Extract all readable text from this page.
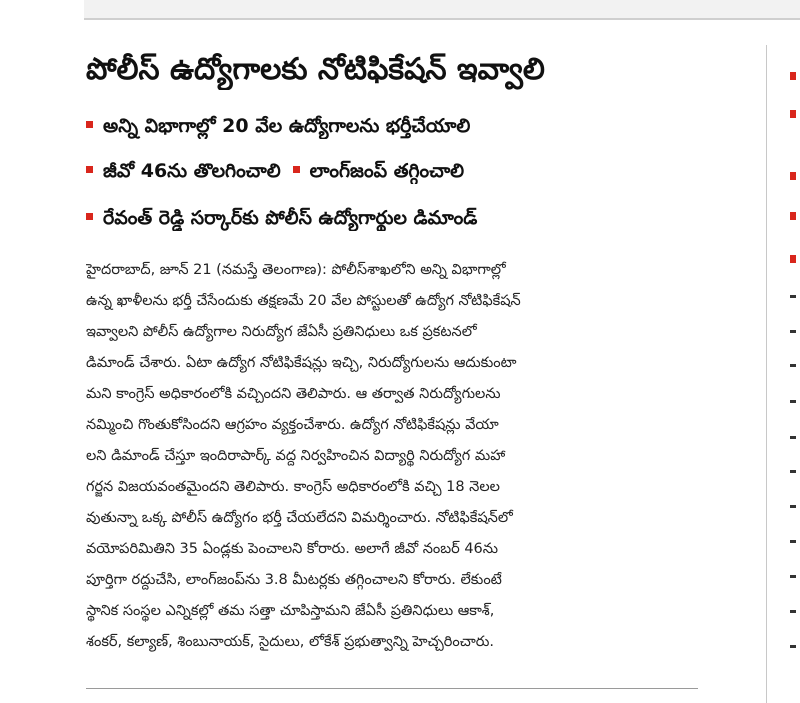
పోలీస్ ఉద్యోగాలకు నోటిఫికేషన్ ఇవ్వాలి
అన్ని విభాగాల్లో 20 వేల ఉద్యోగాలను భర్తీచేయాలి
జీవో 46ను తొలగించాలి లాంగ్‌జంప్ తగ్గించాలి
రేవంత్ రెడ్డి సర్కార్‌కు పోలీస్ ఉద్యోగార్థుల డిమాండ్
హైదరాబాద్, జూన్ 21 (నమస్తే తెలంగాణ): పోలీస్‌శాఖలోని అన్ని విభాగాల్లో
ఉన్న ఖాళీలను భర్తీ చేసేందుకు తక్షణమే 20 వేల పోస్టులతో ఉద్యోగ నోటిఫికేషన్
ఇవ్వాలని పోలీస్ ఉద్యోగాల నిరుద్యోగ జేఏసీ ప్రతినిధులు ఒక ప్రకటనలో
డిమాండ్ చేశారు. ఏటా ఉద్యోగ నోటిఫికేషన్లు ఇచ్చి, నిరుద్యోగులను ఆదుకుంటా
మని కాంగ్రెస్ అధికారంలోకి వచ్చిందని తెలిపారు. ఆ తర్వాత నిరుద్యోగులను
నమ్మించి గొంతుకోసిందని ఆగ్రహం వ్యక్తంచేశారు. ఉద్యోగ నోటిఫికేషన్లు వేయా
లని డిమాండ్ చేస్తూ ఇందిరాపార్క్ వద్ద నిర్వహించిన విద్యార్థి నిరుద్యోగ మహా
గర్జన విజయవంతమైందని తెలిపారు. కాంగ్రెస్ అధికారంలోకి వచ్చి 18 నెలల
వుతున్నా ఒక్క పోలీస్ ఉద్యోగం భర్తీ చేయలేదని విమర్శించారు. నోటిఫికేషన్‌లో
వయోపరిమితిని 35 ఏండ్లకు పెంచాలని కోరారు. అలాగే జీవో నంబర్ 46ను
పూర్తిగా రద్దుచేసి, లాంగ్‌జంప్‌ను 3.8 మీటర్లకు తగ్గించాలని కోరారు. లేకుంటే
స్థానిక సంస్థల ఎన్నికల్లో తమ సత్తా చూపిస్తామని జేఏసీ ప్రతినిధులు ఆకాశ్,
శంకర్, కల్యాణ్, శింబునాయక్, సైదులు, లోకేశ్ ప్రభుత్వాన్ని హెచ్చరించారు.
